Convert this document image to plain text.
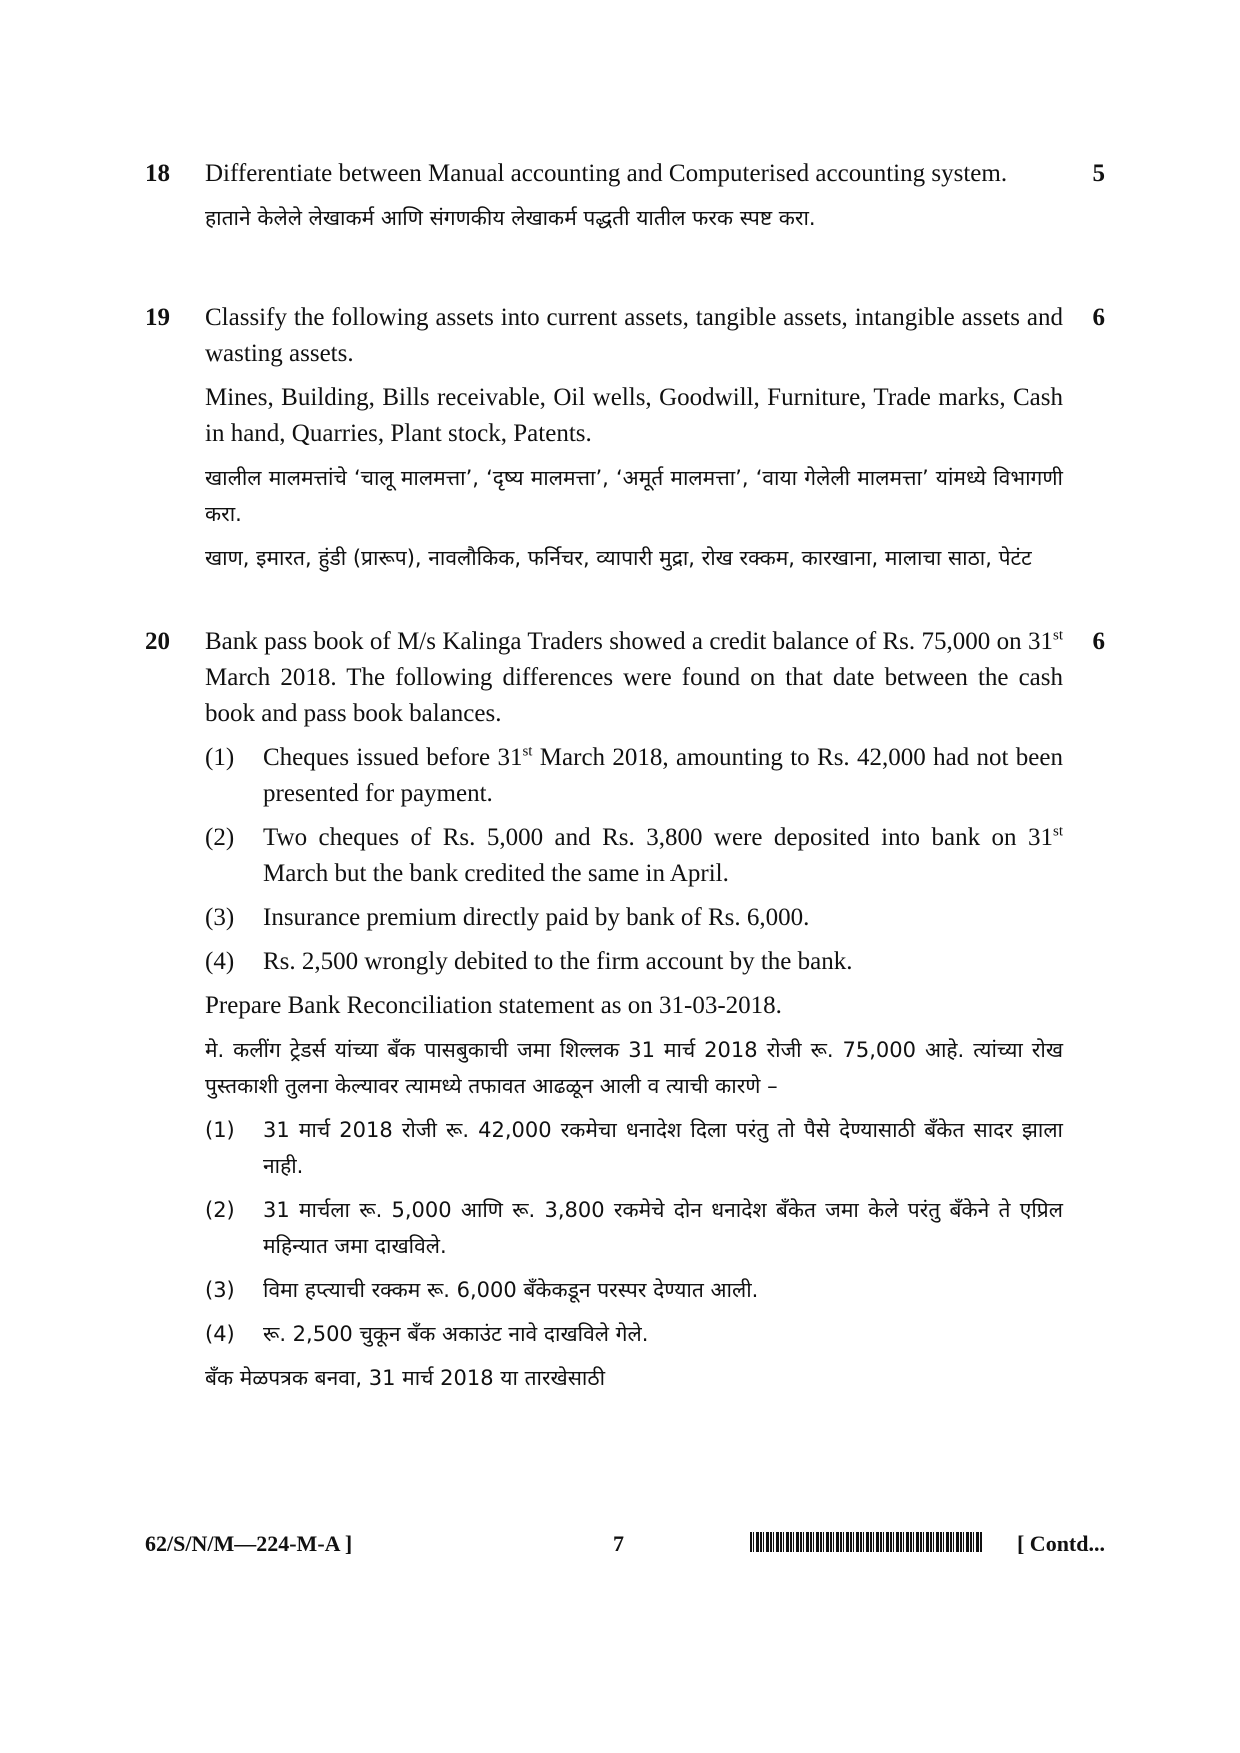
18	5

Differentiate between Manual accounting and Computerised accounting system.

हाताने केलेले लेखाकर्म आणि संगणकीय लेखाकर्म पद्धती यातील फरक स्पष्ट करा.

19	6

Classify the following assets into current assets, tangible assets, intangible assets and wasting assets.

Mines, Building, Bills receivable, Oil wells, Goodwill, Furniture, Trade marks, Cash in hand, Quarries, Plant stock, Patents.

खालील मालमत्तांचे ‘चालू मालमत्ता’, ‘दृष्य मालमत्ता’, ‘अमूर्त मालमत्ता’, ‘वाया गेलेली मालमत्ता’ यांमध्ये विभागणी करा.

खाण, इमारत, हुंडी (प्रारूप), नावलौकिक, फर्निचर, व्यापारी मुद्रा, रोख रक्कम, कारखाना, मालाचा साठा, पेटंट

20	6

Bank pass book of M/s Kalinga Traders showed a credit balance of Rs. 75,000 on 31st March 2018. The following differences were found on that date between the cash book and pass book balances.

(1) Cheques issued before 31st March 2018, amounting to Rs. 42,000 had not been presented for payment.
(2) Two cheques of Rs. 5,000 and Rs. 3,800 were deposited into bank on 31st March but the bank credited the same in April.
(3) Insurance premium directly paid by bank of Rs. 6,000.
(4) Rs. 2,500 wrongly debited to the firm account by the bank.

Prepare Bank Reconciliation statement as on 31-03-2018.

मे. कलींग ट्रेडर्स यांच्या बॅंक पासबुकाची जमा शिल्लक 31 मार्च 2018 रोजी रू. 75,000 आहे. त्यांच्या रोख पुस्तकाशी तुलना केल्यावर त्यामध्ये तफावत आढळून आली व त्याची कारणे –

(1) 31 मार्च 2018 रोजी रू. 42,000 रकमेचा धनादेश दिला परंतु तो पैसे देण्यासाठी बॅंकेत सादर झाला नाही.
(2) 31 मार्चला रू. 5,000 आणि रू. 3,800 रकमेचे दोन धनादेश बॅंकेत जमा केले परंतु बॅंकेने ते एप्रिल महिन्यात जमा दाखविले.
(3) विमा हप्त्याची रक्कम रू. 6,000 बॅंकेकडून परस्पर देण्यात आली.
(4) रू. 2,500 चुकून बॅंक अकाउंट नावे दाखविले गेले.

बॅंक मेळपत्रक बनवा, 31 मार्च 2018 या तारखेसाठी

62/S/N/M—224-M-A ]	7	[ Contd...
